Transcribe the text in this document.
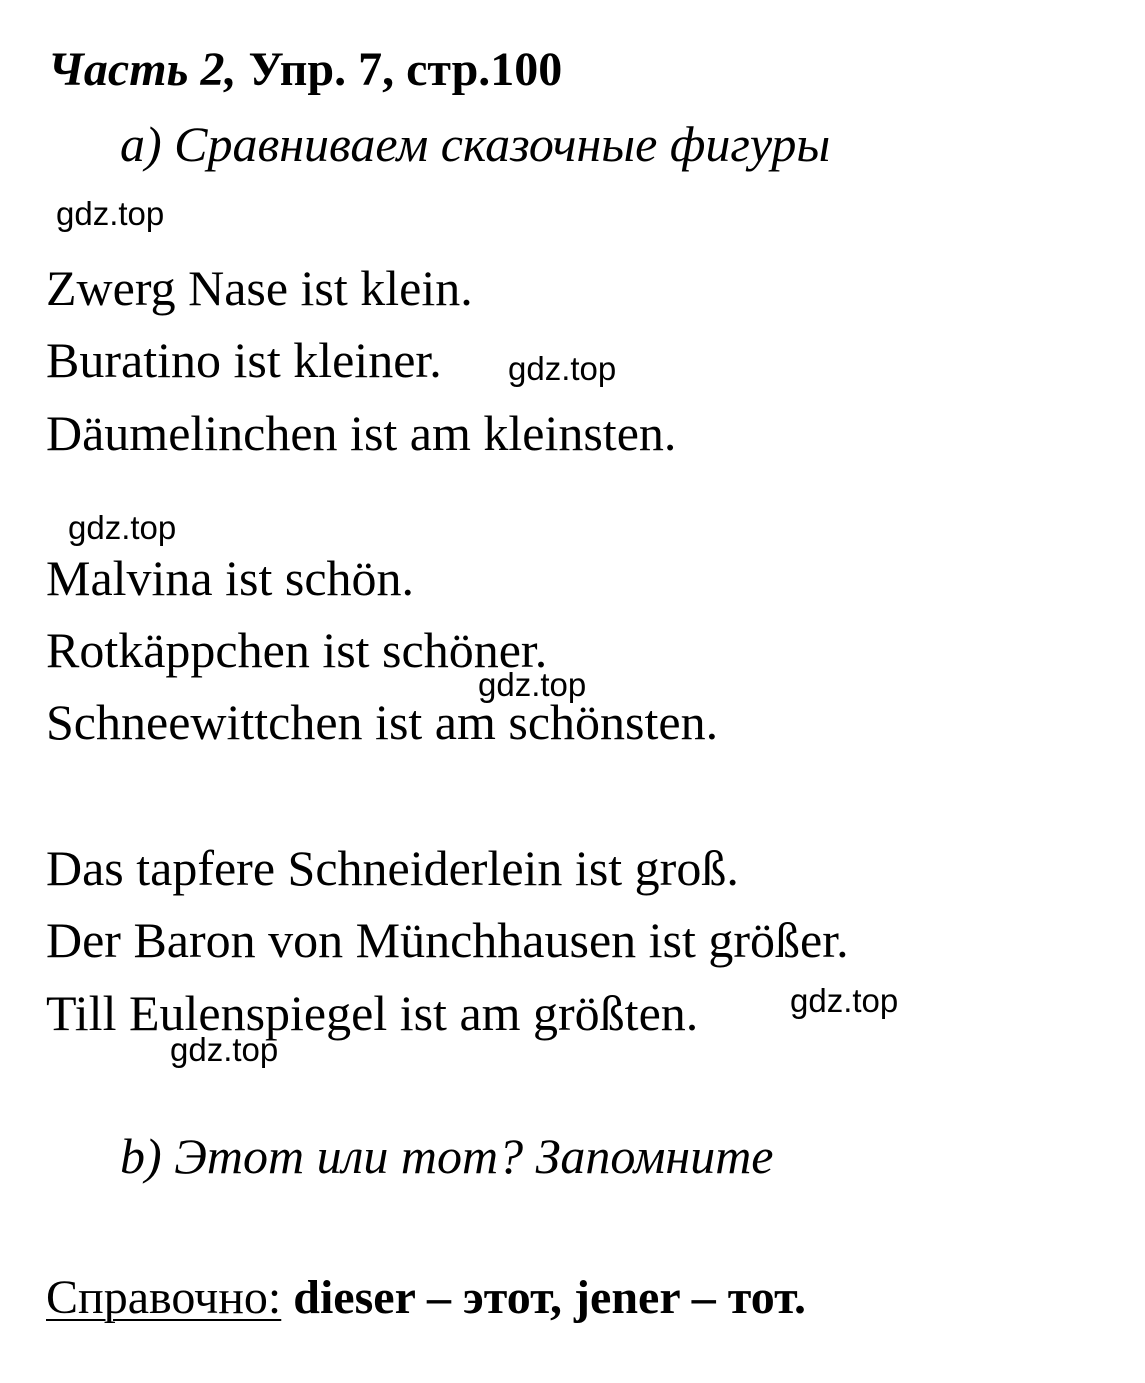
Часть 2, Упр. 7, стр.100
a) Сравниваем сказочные фигуры
gdz.top
Zwerg Nase ist klein.
Buratino ist kleiner. gdz.top
Däumelinchen ist am kleinsten.
gdz.top
Malvina ist schön.
Rotkäppchen ist schöner.
Schneewittchen ist am schönsten.
gdz.top
Das tapfere Schneiderlein ist groß.
Der Baron von Münchhausen ist größer.
Till Eulenspiegel ist am größten.	gdz.top
gdz.top
b) Этот или тот? Запомните
Справочно: dieser – этот, jener – тот.
